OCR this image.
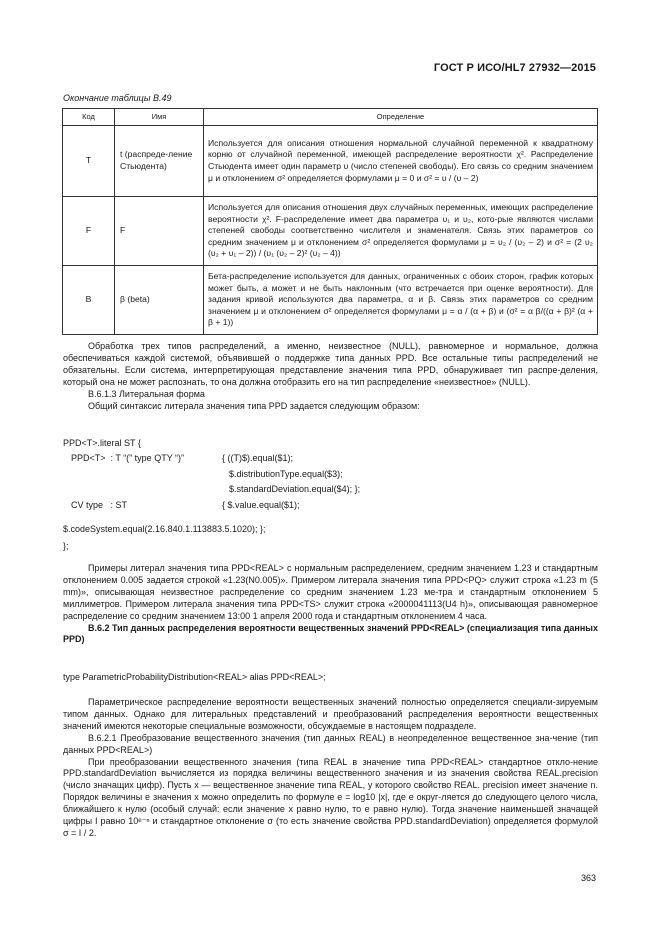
ГОСТ Р ИСО/HL7 27932—2015
Окончание таблицы В.49
Код	Имя	Определение
T	t (распреде-ление Стьюдента)	Используется для описания отношения нормальной случайной переменной к квадратному корню от случайной переменной, имеющей распределение вероятности χ². Распределение Стьюдента имеет один параметр υ (число степеней свободы). Его связь со средним значением μ и отклонением σ² определяется формулами μ = 0 и σ² = υ / (υ – 2)
F	F	Используется для описания отношения двух случайных переменных, имеющих распределение вероятности χ². F-распределение имеет два параметра υ₁ и υ₂, кото-рые являются числами степеней свободы соответственно числителя и знаменателя. Связь этих параметров со средним значением μ и отклонением σ² определяется формулами μ = υ₂ / (υ₂ – 2) и σ² = (2 υ₂ (υ₂ + υ₁ – 2)) / (υ₁ (υ₂ – 2)² (υ₂ – 4))
B	β (beta)	Бета-распределение используется для данных, ограниченных с обоих сторон, график которых может быть, а может и не быть наклонным (что встречается при оценке вероятности). Для задания кривой используются два параметра, α и β. Связь этих параметров со средним значением μ и отклонением σ² определяется формулами μ = α / (α + β) и (σ² = α β/((α + β)² (α + β + 1))

Обработка трех типов распределений, а именно, неизвестное (NULL), равномерное и нормальное, должна обеспечиваться каждой системой, объявившей о поддержке типа данных PPD. Все остальные типы распределений не обязательны. Если система, интерпретирующая представление значения типа PPD, обнаруживает тип распре-деления, который она не может распознать, то она должна отобразить его на тип распределение «неизвестное» (NULL).

B.6.1.3 Литеральная форма

Общий синтаксис литерала значения типа PPD задается следующим образом:

PPD<T>.literal ST {
PPD<T>  : T “(” type QTY “)”	{ ((T)$).equal($1);
$.distributionType.equal($3);
$.standardDeviation.equal($4); };
CV type   : ST	{ $.value.equal($1);
$.codeSystem.equal(2.16.840.1.113883.5.1020); };
};

Примеры литерал значения типа PPD<REAL> с нормальным распределением, средним значением 1.23 и стандартным отклонением 0.005 задается строкой «1.23(N0.005)». Примером литерала значения типа PPD<PQ> служит строка «1.23 m (5 mm)», описывающая неизвестное распределение со средним значением 1.23 ме-тра и стандартным отклонением 5 миллиметров. Примером литерала значения типа PPD<TS> служит строка «2000041113(U4 h)», описывающая равномерное распределение со средним значением 13:00 1 апреля 2000 года и стандартным отклонением 4 часа.

B.6.2 Тип данных распределения вероятности вещественных значений PPD<REAL> (специализация типа данных PPD)

type ParametricProbabilityDistribution<REAL> alias PPD<REAL>;

Параметрическое распределение вероятности вещественных значений полностью определяется специали-зируемым типом данных. Однако для литеральных представлений и преобразований распределения вероятности вещественных значений имеются некоторые специальные возможности, обсуждаемые в настоящем подразделе.

B.6.2.1 Преобразование вещественного значения (тип данных REAL) в неопределенное вещественное зна-чение (тип данных PPD<REAL>)

При преобразовании вещественного значения (типа REAL в значение типа PPD<REAL> стандартное откло-нение PPD.standardDeviation вычисляется из порядка величины вещественного значения и из значения свойства REAL.precision (число значащих цифр). Пусть x — вещественное значение типа REAL, у которого свойство REAL. precision имеет значение n. Порядок величины e значения x можно определить по формуле e = log10 |x|, где e округ-ляется до следующего целого числа, ближайшего к нулю (особый случай: если значение x равно нулю, то e равно нулю). Тогда значение наименьшей значащей цифры I равно 10ᵉ⁻ⁿ и стандартное отклонение σ (то есть значение свойства PPD.standardDeviation) определяется формулой σ = I / 2.

363
